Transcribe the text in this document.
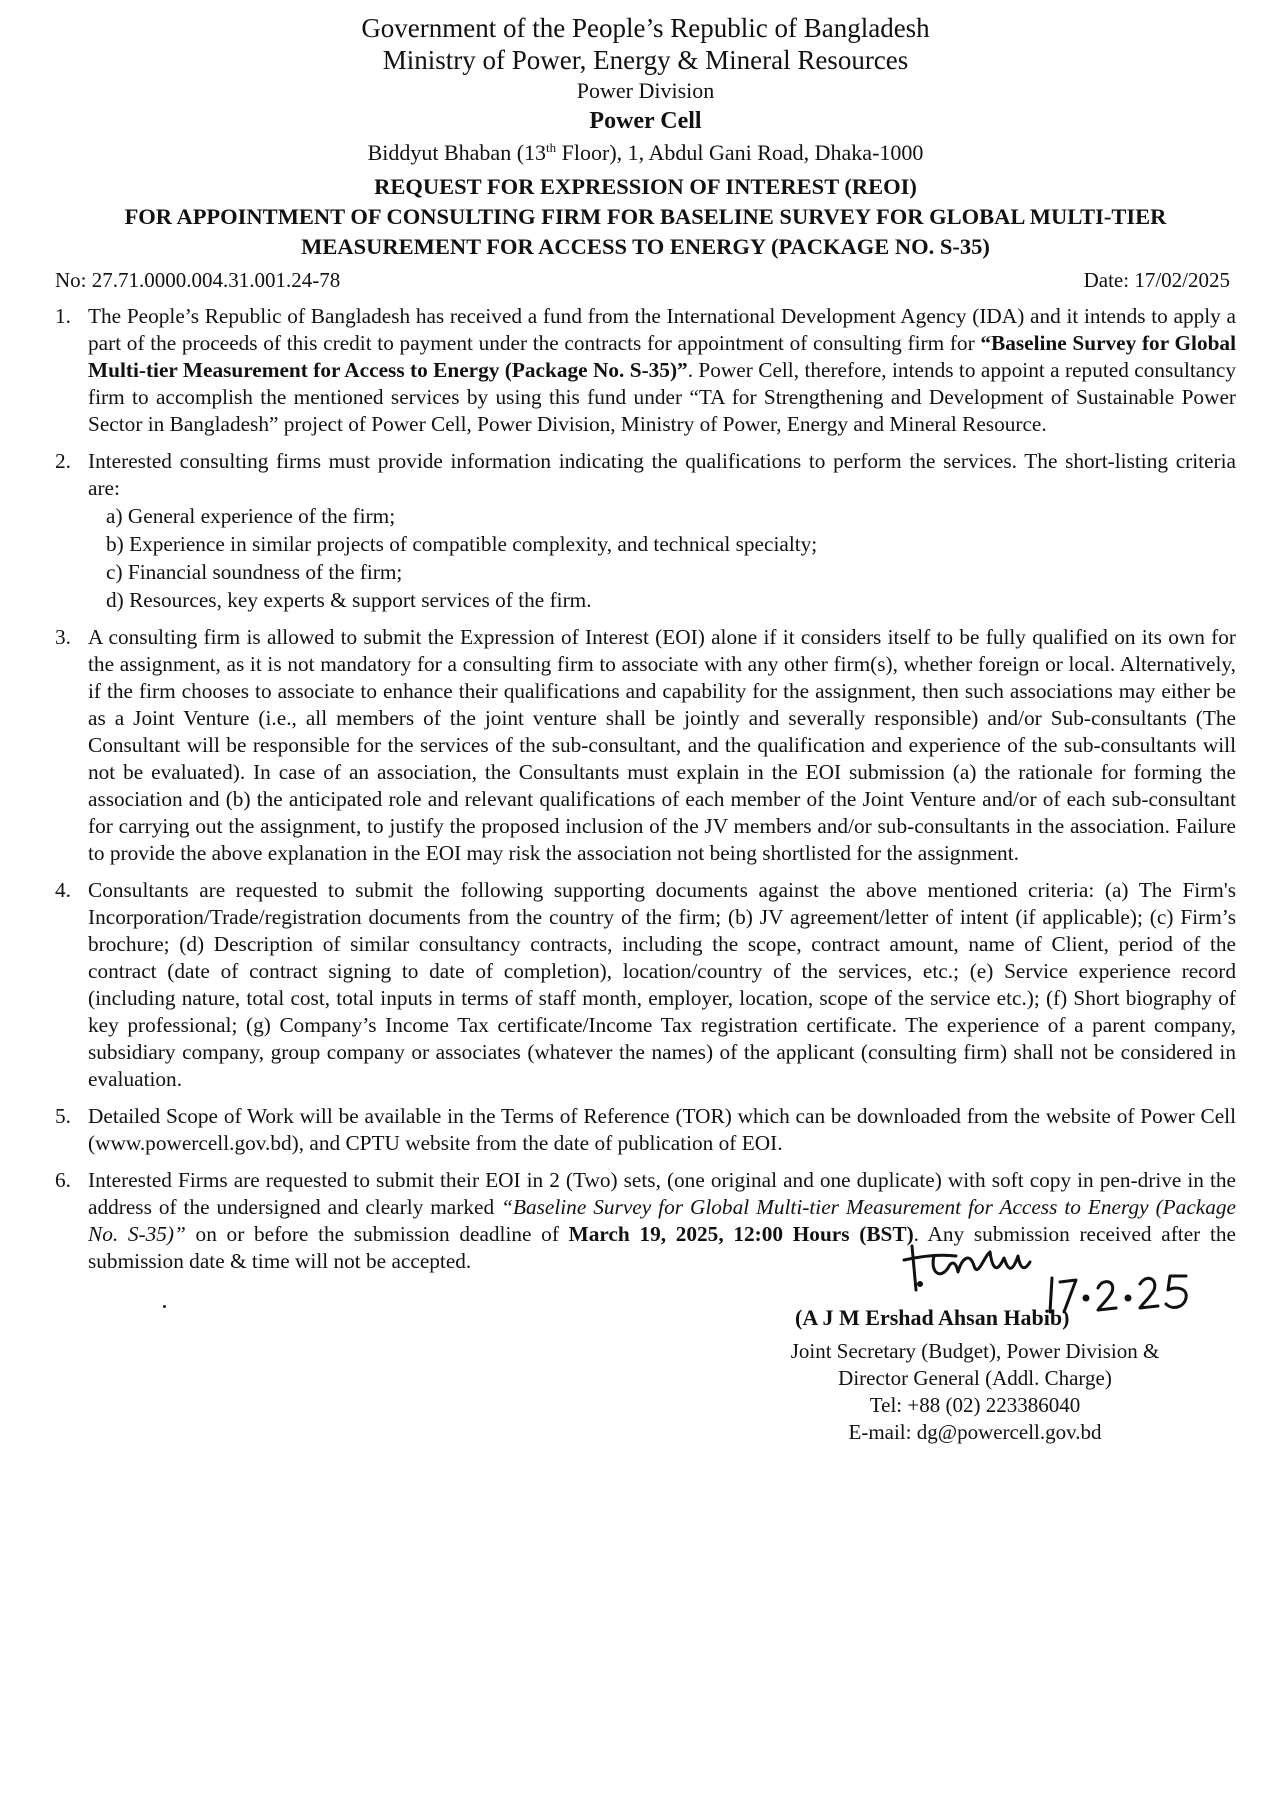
Government of the People’s Republic of Bangladesh
Ministry of Power, Energy & Mineral Resources
Power Division
Power Cell
Biddyut Bhaban (13th Floor), 1, Abdul Gani Road, Dhaka-1000
REQUEST FOR EXPRESSION OF INTEREST (REOI)
FOR APPOINTMENT OF CONSULTING FIRM FOR BASELINE SURVEY FOR GLOBAL MULTI-TIER
MEASUREMENT FOR ACCESS TO ENERGY (PACKAGE NO. S-35)
No: 27.71.0000.004.31.001.24-78	Date: 17/02/2025
1. The People’s Republic of Bangladesh has received a fund from the International Development Agency (IDA) and it intends to apply a part of the proceeds of this credit to payment under the contracts for appointment of consulting firm for “Baseline Survey for Global Multi-tier Measurement for Access to Energy (Package No. S-35)”. Power Cell, therefore, intends to appoint a reputed consultancy firm to accomplish the mentioned services by using this fund under “TA for Strengthening and Development of Sustainable Power Sector in Bangladesh” project of Power Cell, Power Division, Ministry of Power, Energy and Mineral Resource.
2. Interested consulting firms must provide information indicating the qualifications to perform the services. The short-listing criteria are:
a) General experience of the firm;
b) Experience in similar projects of compatible complexity, and technical specialty;
c) Financial soundness of the firm;
d) Resources, key experts & support services of the firm.
3. A consulting firm is allowed to submit the Expression of Interest (EOI) alone if it considers itself to be fully qualified on its own for the assignment, as it is not mandatory for a consulting firm to associate with any other firm(s), whether foreign or local. Alternatively, if the firm chooses to associate to enhance their qualifications and capability for the assignment, then such associations may either be as a Joint Venture (i.e., all members of the joint venture shall be jointly and severally responsible) and/or Sub-consultants (The Consultant will be responsible for the services of the sub-consultant, and the qualification and experience of the sub-consultants will not be evaluated). In case of an association, the Consultants must explain in the EOI submission (a) the rationale for forming the association and (b) the anticipated role and relevant qualifications of each member of the Joint Venture and/or of each sub-consultant for carrying out the assignment, to justify the proposed inclusion of the JV members and/or sub-consultants in the association. Failure to provide the above explanation in the EOI may risk the association not being shortlisted for the assignment.
4. Consultants are requested to submit the following supporting documents against the above mentioned criteria: (a) The Firm's Incorporation/Trade/registration documents from the country of the firm; (b) JV agreement/letter of intent (if applicable); (c) Firm’s brochure; (d) Description of similar consultancy contracts, including the scope, contract amount, name of Client, period of the contract (date of contract signing to date of completion), location/country of the services, etc.; (e) Service experience record (including nature, total cost, total inputs in terms of staff month, employer, location, scope of the service etc.); (f) Short biography of key professional; (g) Company’s Income Tax certificate/Income Tax registration certificate. The experience of a parent company, subsidiary company, group company or associates (whatever the names) of the applicant (consulting firm) shall not be considered in evaluation.
5. Detailed Scope of Work will be available in the Terms of Reference (TOR) which can be downloaded from the website of Power Cell (www.powercell.gov.bd), and CPTU website from the date of publication of EOI.
6. Interested Firms are requested to submit their EOI in 2 (Two) sets, (one original and one duplicate) with soft copy in pen-drive in the address of the undersigned and clearly marked “Baseline Survey for Global Multi-tier Measurement for Access to Energy (Package No. S-35)” on or before the submission deadline of March 19, 2025, 12:00 Hours (BST). Any submission received after the submission date & time will not be accepted.
(A J M Ershad Ahsan Habib)
Joint Secretary (Budget), Power Division &
Director General (Addl. Charge)
Tel: +88 (02) 223386040
E-mail: dg@powercell.gov.bd
